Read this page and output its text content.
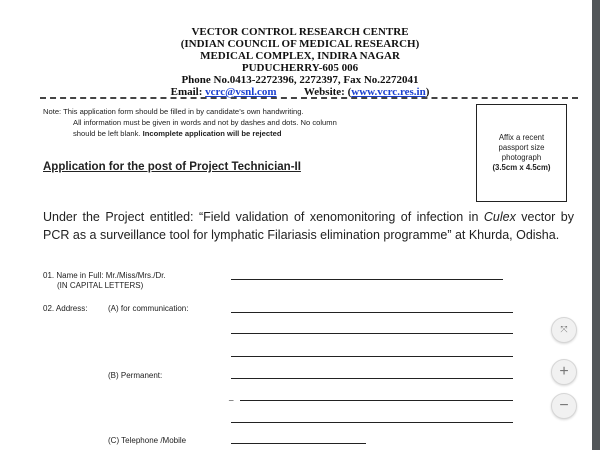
VECTOR CONTROL RESEARCH CENTRE
(INDIAN COUNCIL OF MEDICAL RESEARCH)
MEDICAL COMPLEX, INDIRA NAGAR
PUDUCHERRY-605 006
Phone No.0413-2272396, 2272397, Fax No.2272041
Email: vcrc@vsnl.com Website: (www.vcrc.res.in)
Note: This application form should be filled in by candidate’s own handwriting.
All information must be given in words and not by dashes and dots. No column
should be left blank. Incomplete application will be rejected	Affix a recent
passport size
photograph
(3.5cm x 4.5cm)
Application for the post of Project Technician-II
Under the Project entitled: “Field validation of xenomonitoring of infection in Culex vector by PCR as a surveillance tool for lymphatic Filariasis elimination programme” at Khurda, Odisha.
01. Name in Full: Mr./Miss/Mrs./Dr.
(IN CAPITAL LETTERS)
02. Address:	(A) for communication:
(B) Permanent:
_
(C) Telephone /Mobile
⤧
+
−
